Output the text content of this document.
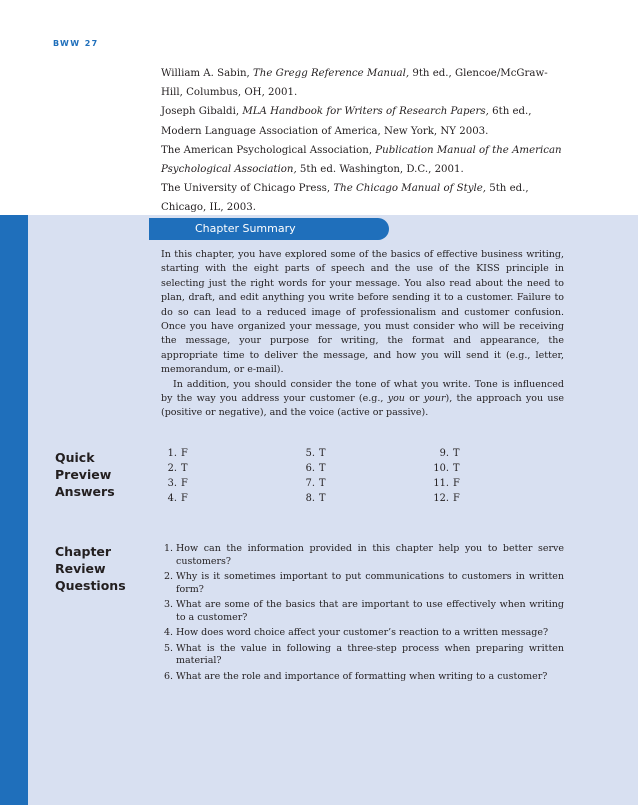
BWW 27
William A. Sabin, The Gregg Reference Manual, 9th ed., Glencoe/McGraw-Hill, Columbus, OH, 2001.
Joseph Gibaldi, MLA Handbook for Writers of Research Papers, 6th ed., Modern Language Association of America, New York, NY 2003.
The American Psychological Association, Publication Manual of the American Psychological Association, 5th ed. Washington, D.C., 2001.
The University of Chicago Press, The Chicago Manual of Style, 5th ed., Chicago, IL, 2003.
Chapter Summary

In this chapter, you have explored some of the basics of effective business writing, starting with the eight parts of speech and the use of the KISS principle in selecting just the right words for your message. You also read about the need to plan, draft, and edit anything you write before sending it to a customer. Failure to do so can lead to a reduced image of professionalism and customer confusion. Once you have organized your message, you must consider who will be receiving the message, your purpose for writing, the format and appearance, the appropriate time to deliver the message, and how you will send it (e.g., letter, memorandum, or e-mail).

In addition, you should consider the tone of what you write. Tone is influenced by the way you address your customer (e.g., you or your), the approach you use (positive or negative), and the voice (active or passive).

Quick
Preview
Answers
1. F
2. T
3. F
4. F
5. T
6. T
7. T
8. T
9. T
10. T
11. F
12. F
Chapter
Review
Questions
1. How can the information provided in this chapter help you to better serve customers?
2. Why is it sometimes important to put communications to customers in written form?
3. What are some of the basics that are important to use effectively when writing to a customer?
4. How does word choice affect your customer’s reaction to a written message?
5. What is the value in following a three-step process when preparing written material?
6. What are the role and importance of formatting when writing to a customer?
